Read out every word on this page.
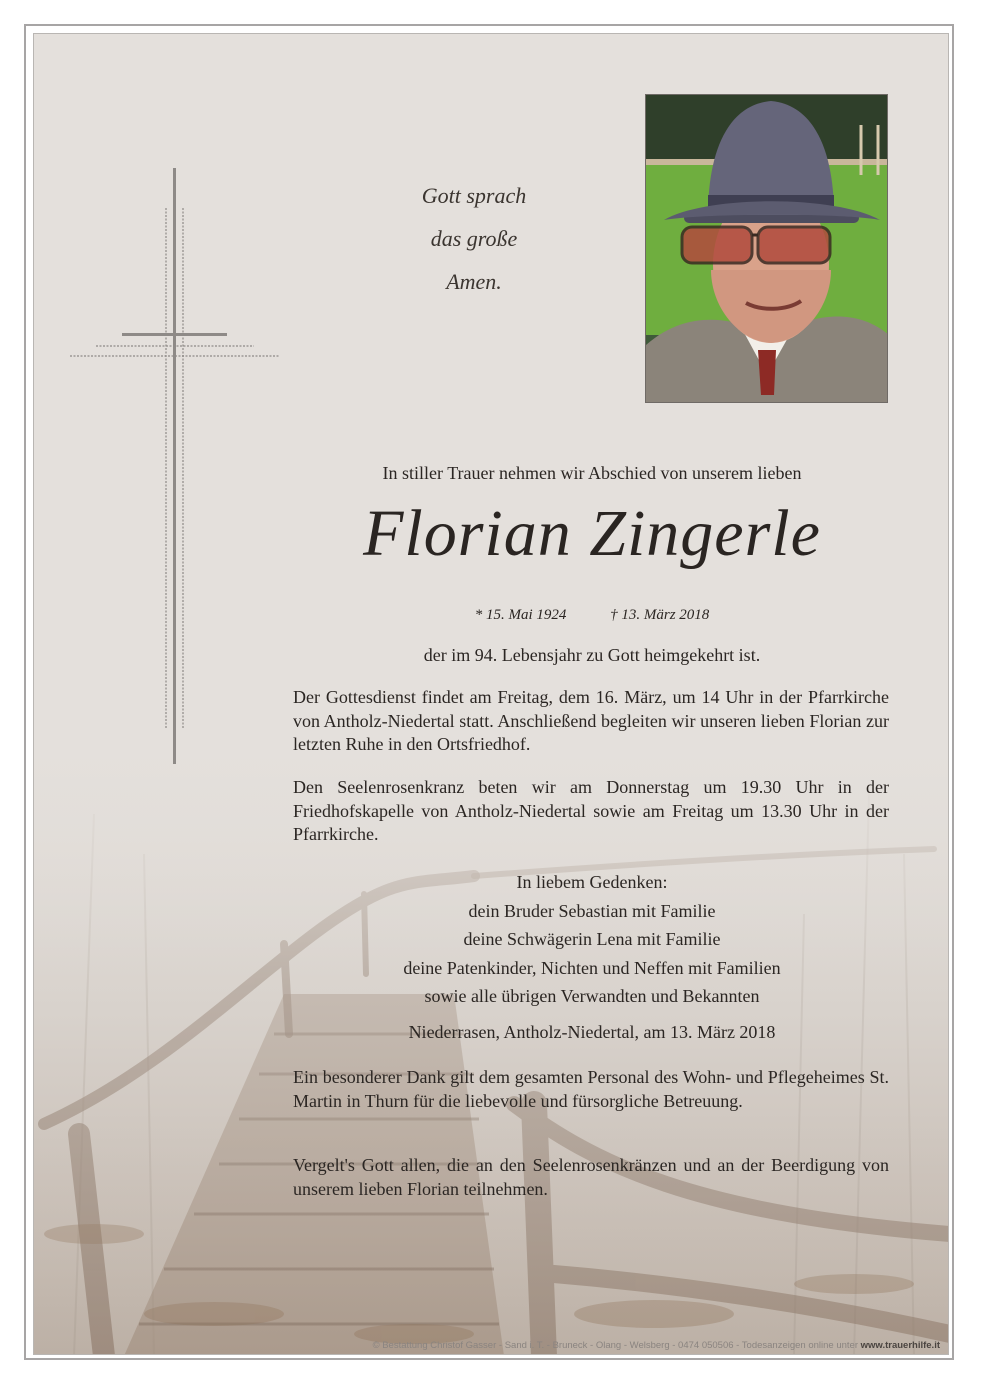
Gott sprach
das große
Amen.
In stiller Trauer nehmen wir Abschied von unserem lieben
Florian Zingerle
* 15. Mai 1924	† 13. März 2018
der im 94. Lebensjahr zu Gott heimgekehrt ist.
Der Gottesdienst findet am Freitag, dem 16. März, um 14 Uhr in der Pfarrkirche von Antholz-Niedertal statt. Anschließend begleiten wir unseren lieben Florian zur letzten Ruhe in den Ortsfriedhof.
Den Seelenrosenkranz beten wir am Donnerstag um 19.30 Uhr in der Friedhofskapelle von Antholz-Niedertal sowie am Freitag um 13.30 Uhr in der Pfarrkirche.
In liebem Gedenken:
dein Bruder Sebastian mit Familie
deine Schwägerin Lena mit Familie
deine Patenkinder, Nichten und Neffen mit Familien
sowie alle übrigen Verwandten und Bekannten
Niederrasen, Antholz-Niedertal, am 13. März 2018
Ein besonderer Dank gilt dem gesamten Personal des Wohn- und Pflegeheimes St. Martin in Thurn für die liebevolle und fürsorgliche Betreuung.
Vergelt's Gott allen, die an den Seelenrosenkränzen und an der Beerdigung von unserem lieben Florian teilnehmen.
© Bestattung Christof Gasser - Sand i. T. - Bruneck - Olang - Welsberg - 0474 050506 - Todesanzeigen online unter www.trauerhilfe.it
